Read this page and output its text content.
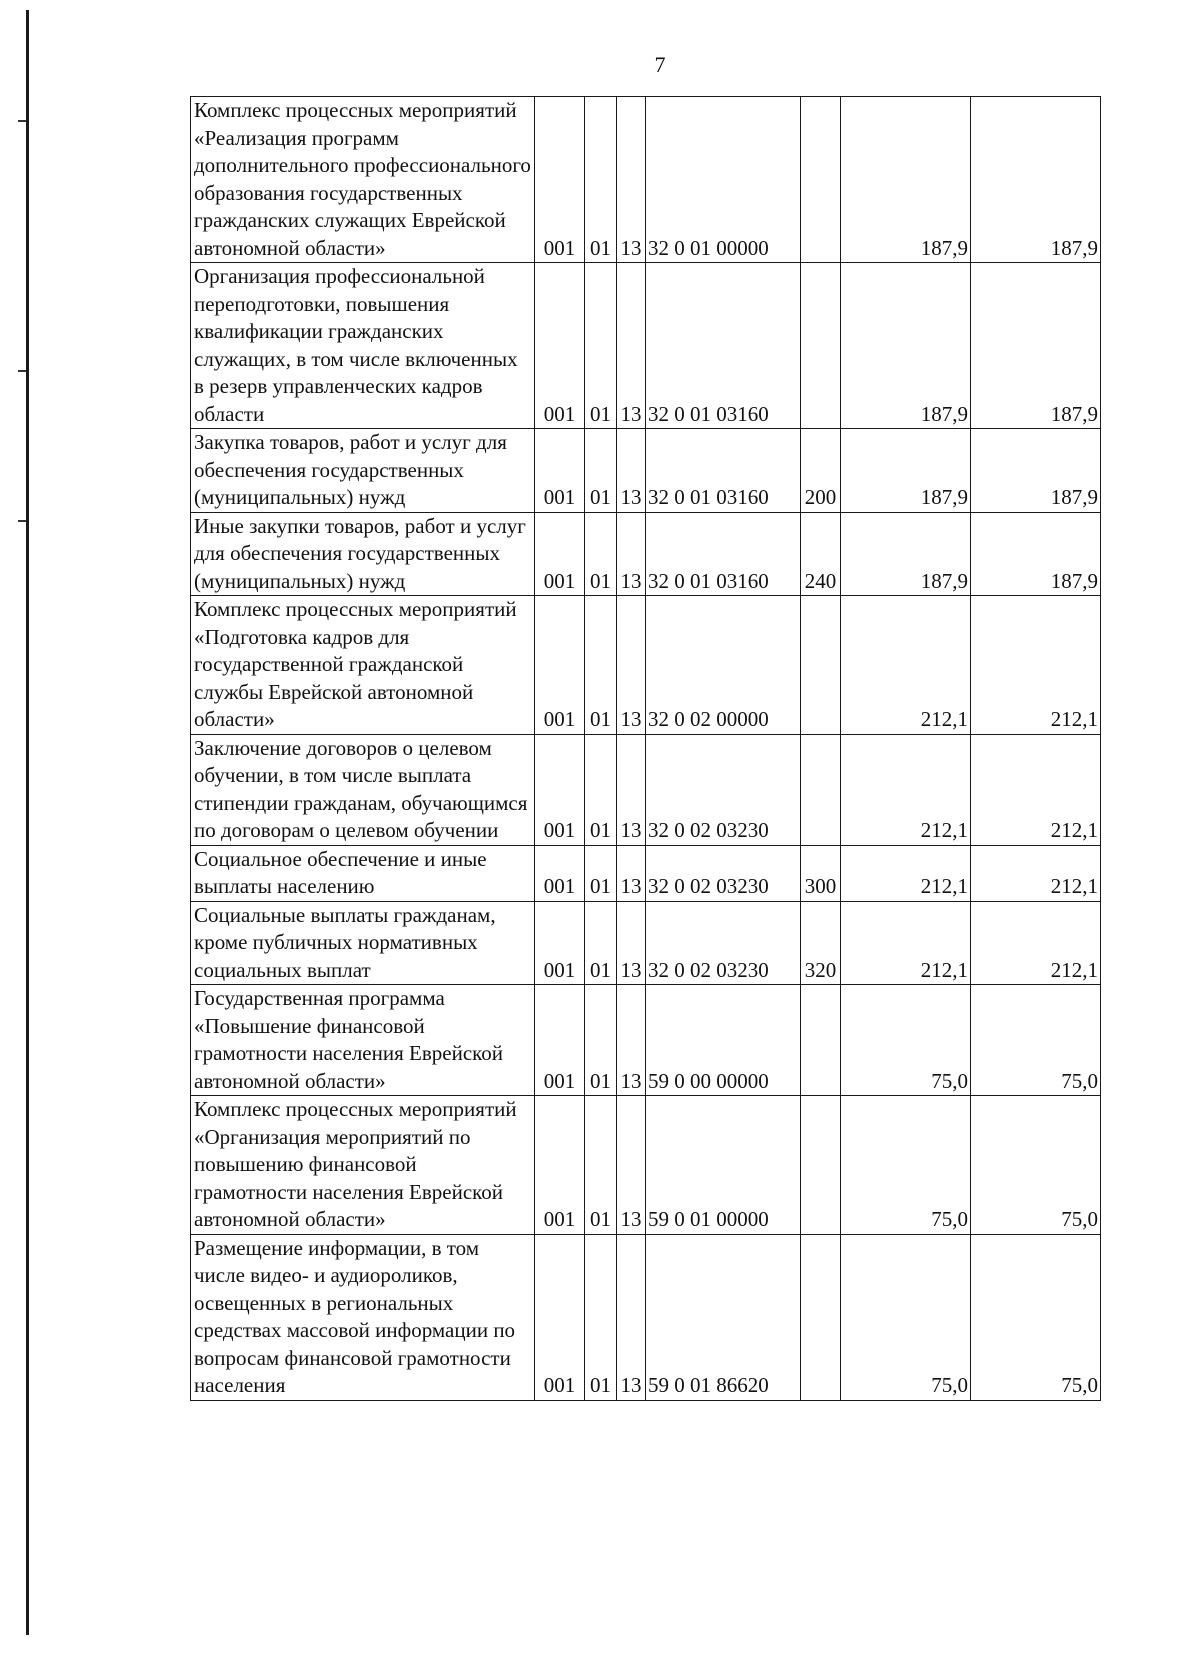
7
Комплекс процессных мероприятий «Реализация программ дополнительного профессионального образования государственных гражданских служащих Еврейской автономной области»	001	01	13	32 0 01 00000		187,9	187,9
Организация профессиональной переподготовки, повышения квалификации гражданских служащих, в том числе включенных в резерв управленческих кадров области	001	01	13	32 0 01 03160		187,9	187,9
Закупка товаров, работ и услуг для обеспечения государственных (муниципальных) нужд	001	01	13	32 0 01 03160	200	187,9	187,9
Иные закупки товаров, работ и услуг для обеспечения государственных (муниципальных) нужд	001	01	13	32 0 01 03160	240	187,9	187,9
Комплекс процессных мероприятий «Подготовка кадров для государственной гражданской службы Еврейской автономной области»	001	01	13	32 0 02 00000		212,1	212,1
Заключение договоров о целевом обучении, в том числе выплата стипендии гражданам, обучающимся по договорам о целевом обучении	001	01	13	32 0 02 03230		212,1	212,1
Социальное обеспечение и иные выплаты населению	001	01	13	32 0 02 03230	300	212,1	212,1
Социальные выплаты гражданам, кроме публичных нормативных социальных выплат	001	01	13	32 0 02 03230	320	212,1	212,1
Государственная программа «Повышение финансовой грамотности населения Еврейской автономной области»	001	01	13	59 0 00 00000		75,0	75,0
Комплекс процессных мероприятий «Организация мероприятий по повышению финансовой грамотности населения Еврейской автономной области»	001	01	13	59 0 01 00000		75,0	75,0
Размещение информации, в том числе видео- и аудиороликов, освещенных в региональных средствах массовой информации по вопросам финансовой грамотности населения	001	01	13	59 0 01 86620		75,0	75,0
